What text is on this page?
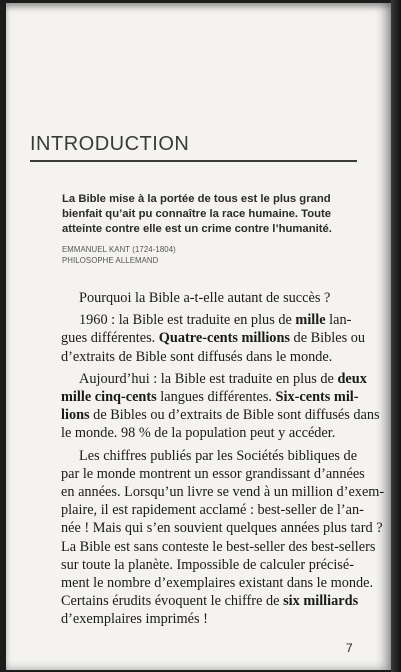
INTRODUCTION
La Bible mise à la portée de tous est le plus grand
bienfait qu’ait pu connaître la race humaine. Toute
atteinte contre elle est un crime contre l’humanité.
EMMANUEL KANT (1724-1804)
PHILOSOPHE ALLEMAND

Pourquoi la Bible a-t-elle autant de succès ?

1960 : la Bible est traduite en plus de mille lan-
gues différentes. Quatre-cents millions de Bibles ou
d’extraits de Bible sont diffusés dans le monde.

Aujourd’hui : la Bible est traduite en plus de deux
mille cinq-cents langues différentes. Six-cents mil-
lions de Bibles ou d’extraits de Bible sont diffusés dans
le monde. 98 % de la population peut y accéder.

Les chiffres publiés par les Sociétés bibliques de
par le monde montrent un essor grandissant d’années
en années. Lorsqu’un livre se vend à un million d’exem-
plaire, il est rapidement acclamé : best-seller de l’an-
née ! Mais qui s’en souvient quelques années plus tard ?
La Bible est sans conteste le best-seller des best-sellers
sur toute la planète. Impossible de calculer précisé-
ment le nombre d’exemplaires existant dans le monde.
Certains érudits évoquent le chiffre de six milliards
d’exemplaires imprimés !

7
